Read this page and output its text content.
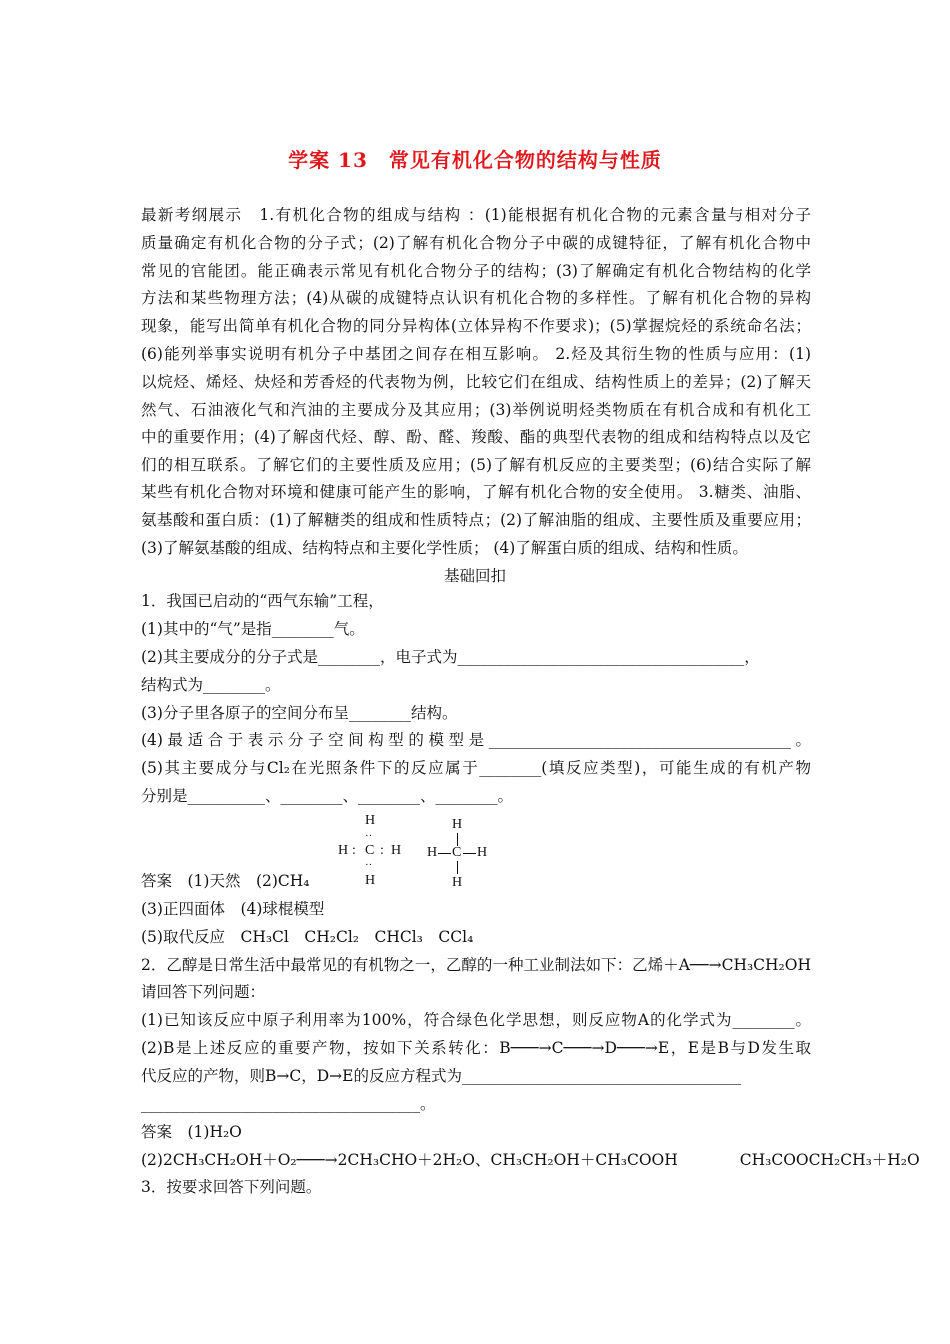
学案 13　常见有机化合物的结构与性质
最新考纲展示　1.有机化合物的组成与结构 ：(1)能根据有机化合物的元素含量与相对分子
质量确定有机化合物的分子式；(2)了解有机化合物分子中碳的成键特征，了解有机化合物中
常见的官能团。能正确表示常见有机化合物分子的结构；(3)了解确定有机化合物结构的化学
方法和某些物理方法；(4)从碳的成键特点认识有机化合物的多样性。了解有机化合物的异构
现象，能写出简单有机化合物的同分异构体(立体异构不作要求)；(5)掌握烷烃的系统命名法；
(6)能列举事实说明有机分子中基团之间存在相互影响。 2.烃及其衍生物的性质与应用：(1)
以烷烃、烯烃、炔烃和芳香烃的代表物为例，比较它们在组成、结构性质上的差异；(2)了解天
然气、石油液化气和汽油的主要成分及其应用；(3)举例说明烃类物质在有机合成和有机化工
中的重要作用；(4)了解卤代烃、醇、酚、醛、羧酸、酯的典型代表物的组成和结构特点以及它
们的相互联系。了解它们的主要性质及应用；(5)了解有机反应的主要类型；(6)结合实际了解
某些有机化合物对环境和健康可能产生的影响，了解有机化合物的安全使用。 3.糖类、油脂、
氨基酸和蛋白质：(1)了解糖类的组成和性质特点；(2)了解油脂的组成、主要性质及重要应用；
(3)了解氨基酸的组成、结构特点和主要化学性质； (4)了解蛋白质的组成、结构和性质。
基础回扣
1．我国已启动的“西气东输”工程，
(1)其中的“气”是指________气。
(2)其主要成分的分子式是________，电子式为_____________________________________，
结构式为________。
(3)分子里各原子的空间分布呈________结构。
(4)最适合于表示分子空间构型的模型是_______________________________________。
(5)其主要成分与Cl₂在光照条件下的反应属于________(填反应类型)，可能生成的有机产物
分别是__________、________、________、________。
答案　(1)天然　(2)CH₄
(3)正四面体　(4)球棍模型
(5)取代反应　CH₃Cl　CH₂Cl₂　CHCl₃　CCl₄
2．乙醇是日常生活中最常见的有机物之一，乙醇的一种工业制法如下：乙烯＋A──→CH₃CH₂OH
请回答下列问题：
(1)已知该反应中原子利用率为100%，符合绿色化学思想，则反应物A的化学式为________。
(2)B是上述反应的重要产物，按如下关系转化：B───→C───→D───→E，E是B与D发生取
代反应的产物，则B→C，D→E的反应方程式为____________________________________
____________________________________。
答案　(1)H₂O
(2)2CH₃CH₂OH＋O₂───→2CH₃CHO＋2H₂O、CH₃CH₂OH＋CH₃COOH　　　　CH₃COOCH₂CH₃＋H₂O
3．按要求回答下列问题。
H
··
H : C : H
··
H
H
H C H
H
